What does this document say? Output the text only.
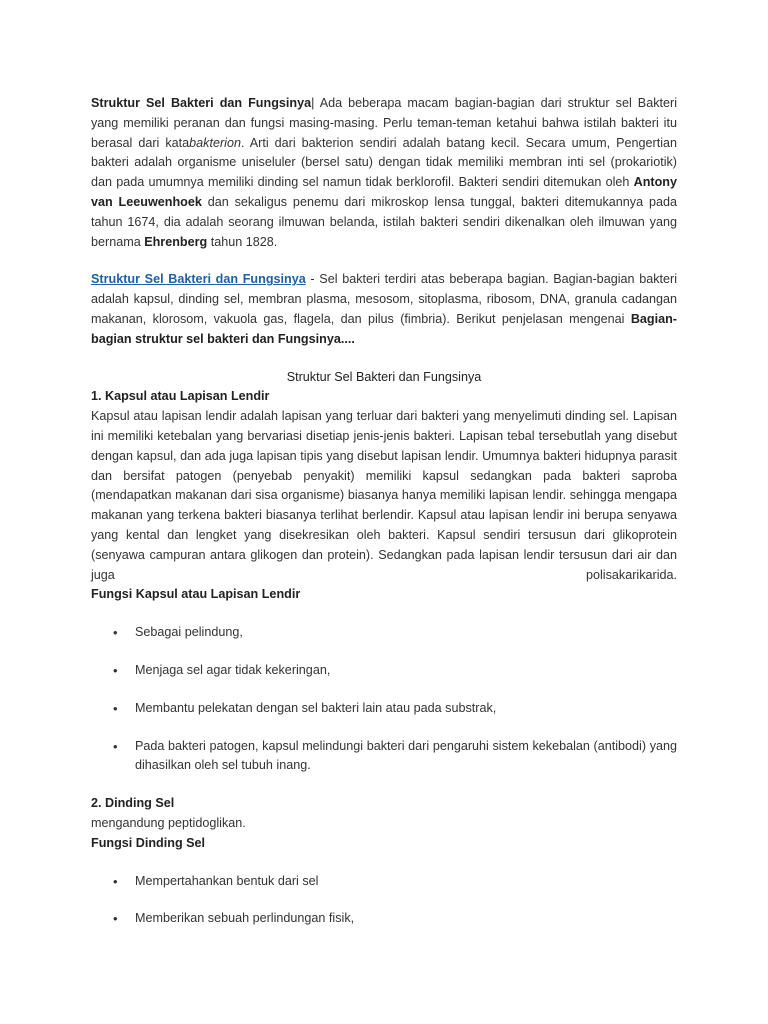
Struktur Sel Bakteri dan Fungsinya| Ada beberapa macam bagian-bagian dari struktur sel Bakteri yang memiliki peranan dan fungsi masing-masing. Perlu teman-teman ketahui bahwa istilah bakteri itu berasal dari katabakterion. Arti dari bakterion sendiri adalah batang kecil. Secara umum, Pengertian bakteri adalah organisme uniseluler (bersel satu) dengan tidak memiliki membran inti sel (prokariotik) dan pada umumnya memiliki dinding sel namun tidak berklorofil. Bakteri sendiri ditemukan oleh Antony van Leeuwenhoek dan sekaligus penemu dari mikroskop lensa tunggal, bakteri ditemukannya pada tahun 1674, dia adalah seorang ilmuwan belanda, istilah bakteri sendiri dikenalkan oleh ilmuwan yang bernama Ehrenberg tahun 1828.

Struktur Sel Bakteri dan Fungsinya - Sel bakteri terdiri atas beberapa bagian. Bagian-bagian bakteri adalah kapsul, dinding sel, membran plasma, mesosom, sitoplasma, ribosom, DNA, granula cadangan makanan, klorosom, vakuola gas, flagela, dan pilus (fimbria). Berikut penjelasan mengenai Bagian-bagian struktur sel bakteri dan Fungsinya....

Struktur Sel Bakteri dan Fungsinya

1. Kapsul atau Lapisan Lendir

Kapsul atau lapisan lendir adalah lapisan yang terluar dari bakteri yang menyelimuti dinding sel. Lapisan ini memiliki ketebalan yang bervariasi disetiap jenis-jenis bakteri. Lapisan tebal tersebutlah yang disebut dengan kapsul, dan ada juga lapisan tipis yang disebut lapisan lendir. Umumnya bakteri hidupnya parasit dan bersifat patogen (penyebab penyakit) memiliki kapsul sedangkan pada bakteri saproba (mendapatkan makanan dari sisa organisme) biasanya hanya memiliki lapisan lendir. sehingga mengapa makanan yang terkena bakteri biasanya terlihat berlendir. Kapsul atau lapisan lendir ini berupa senyawa yang kental dan lengket yang disekresikan oleh bakteri. Kapsul sendiri tersusun dari glikoprotein (senyawa campuran antara glikogen dan protein). Sedangkan pada lapisan lendir tersusun dari air dan juga polisakarikarida.

Fungsi Kapsul atau Lapisan Lendir

• Sebagai pelindung,
• Menjaga sel agar tidak kekeringan,
• Membantu pelekatan dengan sel bakteri lain atau pada substrak,
• Pada bakteri patogen, kapsul melindungi bakteri dari pengaruhi sistem kekebalan (antibodi) yang dihasilkan oleh sel tubuh inang.

2. Dinding Sel

mengandung peptidoglikan.

Fungsi Dinding Sel

• Mempertahankan bentuk dari sel
• Memberikan sebuah perlindungan fisik,
